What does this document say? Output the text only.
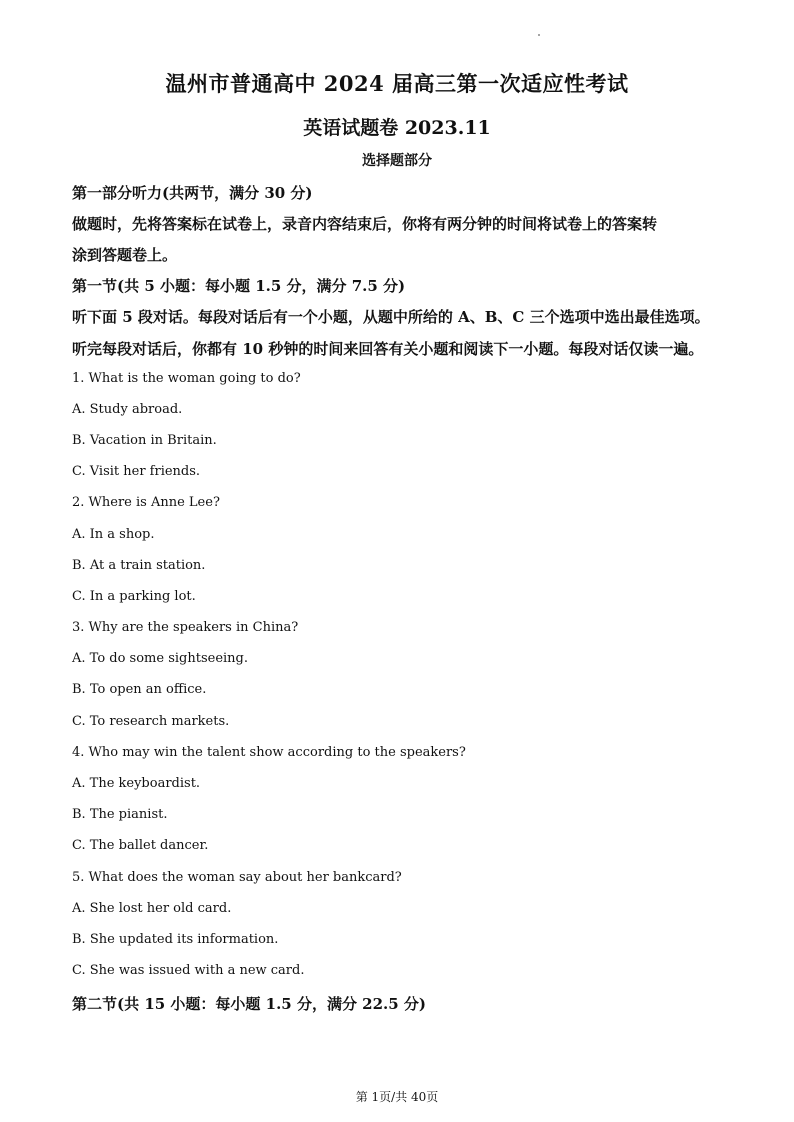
温州市普通高中 2024 届高三第一次适应性考试
英语试题卷 2023.11
选择题部分
第一部分听力(共两节，满分 30 分)
做题时，先将答案标在试卷上，录音内容结束后，你将有两分钟的时间将试卷上的答案转
涂到答题卷上。
第一节(共 5 小题：每小题 1.5 分，满分 7.5 分)
听下面 5 段对话。每段对话后有一个小题，从题中所给的 A、B、C 三个选项中选出最佳选项。
听完每段对话后，你都有 10 秒钟的时间来回答有关小题和阅读下一小题。每段对话仅读一遍。
1. What is the woman going to do?
A. Study abroad.
B. Vacation in Britain.
C. Visit her friends.
2. Where is Anne Lee?
A. In a shop.
B. At a train station.
C. In a parking lot.
3. Why are the speakers in China?
A. To do some sightseeing.
B. To open an office.
C. To research markets.
4. Who may win the talent show according to the speakers?
A. The keyboardist.
B. The pianist.
C. The ballet dancer.
5. What does the woman say about her bankcard?
A. She lost her old card.
B. She updated its information.
C. She was issued with a new card.
第二节(共 15 小题：每小题 1.5 分，满分 22.5 分)
第 1页/共 40页
